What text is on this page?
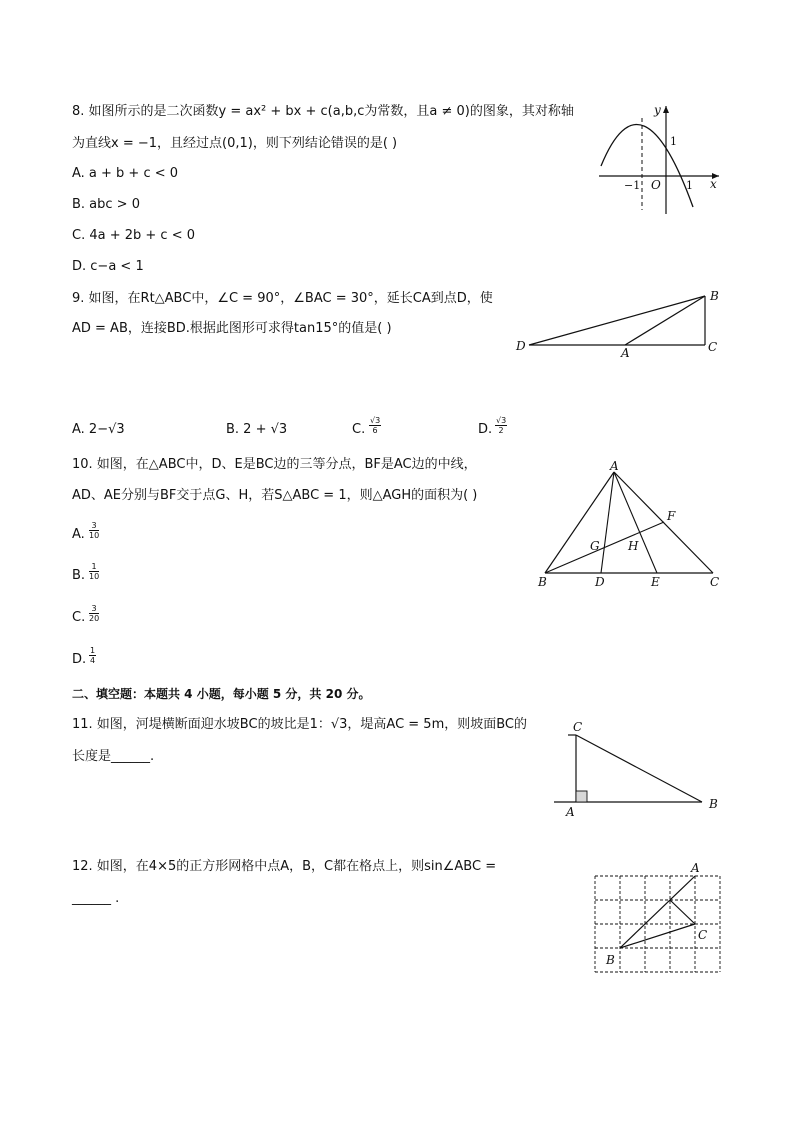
8. 如图所示的是二次函数y = ax² + bx + c(a,b,c为常数，且a ≠ 0)的图象，其对称轴
为直线x = −1，且经过点(0,1)，则下列结论错误的是( )
A. a + b + c < 0
B. abc > 0
C. 4a + 2b + c < 0
D. c−a < 1
y
x
1
−1 O 1
9. 如图，在Rt△ABC中，∠C = 90°，∠BAC = 30°，延长CA到点D，使
AD = AB，连接BD.根据此图形可求得tan15°的值是( )
B
D	A	C
A. 2−√3	B. 2 + √3	C. $\frac{√3}{6}$	D. $\frac{√3}{2}$
10. 如图，在△ABC中，D、E是BC边的三等分点，BF是AC边的中线，
AD、AE分别与BF交于点G、H，若S△ABC = 1，则△AGH的面积为( )
A. $\frac{3}{10}$
B. $\frac{1}{10}$
C. $\frac{3}{20}$
D. $\frac{1}{4}$
A
F
G H
B	D	E	C
二、填空题：本题共 4 小题，每小题 5 分，共 20 分。
11. 如图，河堤横断面迎水坡BC的坡比是1：√3，堤高AC = 5m，则坡面BC的
长度是______.
C
A
B
12. 如图，在4×5的正方形网格中点A，B，C都在格点上，则sin∠ABC =
______ .
A
B
C
